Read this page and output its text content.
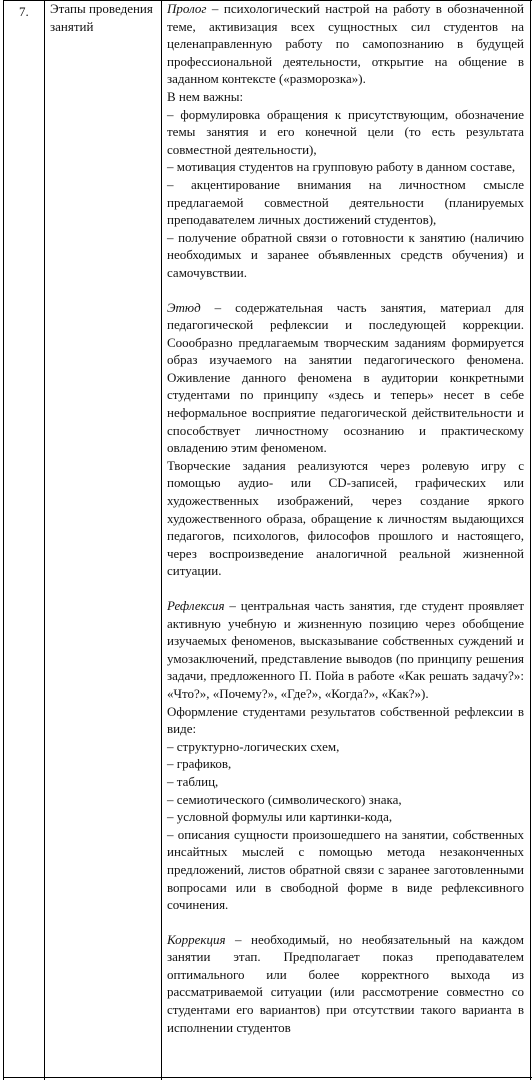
7. Этапы проведения занятий

Пролог – психологический настрой на работу в обозначенной теме, активизация всех сущностных сил студентов на целенаправленную работу по самопознанию в будущей профессиональной деятельности, открытие на общение в заданном контексте («разморозка»).

В нем важны:

– формулировка обращения к присутствующим, обозначение темы занятия и его конечной цели (то есть результата совместной деятельности),

– мотивация студентов на групповую работу в данном составе,

– акцентирование внимания на личностном смысле предлагаемой совместной деятельности (планируемых преподавателем личных достижений студентов),

– получение обратной связи о готовности к занятию (наличию необходимых и заранее объявленных средств обучения) и самочувствии.

Этюд – содержательная часть занятия, материал для педагогической рефлексии и последующей коррекции. Соообразно предлагаемым творческим заданиям формируется образ изучаемого на занятии педагогического феномена. Оживление данного феномена в аудитории конкретными студентами по принципу «здесь и теперь» несет в себе неформальное восприятие педагогической действительности и способствует личностному осознанию и практическому овладению этим феноменом.

Творческие задания реализуются через ролевую игру с помощью аудио- или CD-записей, графических или художественных изображений, через создание яркого художественного образа, обращение к личностям выдающихся педагогов, психологов, философов прошлого и настоящего, через воспроизведение аналогичной реальной жизненной ситуации.

Рефлексия – центральная часть занятия, где студент проявляет активную учебную и жизненную позицию через обобщение изучаемых феноменов, высказывание собственных суждений и умозаключений, представление выводов (по принципу решения задачи, предложенного П. Пойа в работе «Как решать задачу?»: «Что?», «Почему?», «Где?», «Когда?», «Как?»).

Оформление студентами результатов собственной рефлексии в виде:

– структурно-логических схем,

– графиков,

– таблиц,

– семиотического (символического) знака,

– условной формулы или картинки-кода,

– описания сущности произошедшего на занятии, собственных инсайтных мыслей с помощью метода незаконченных предложений, листов обратной связи с заранее заготовленными вопросами или в свободной форме в виде рефлексивного сочинения.

Коррекция – необходимый, но необязательный на каждом занятии этап. Предполагает показ преподавателем оптимального или более корректного выхода из рассматриваемой ситуации (или рассмотрение совместно со студентами его вариантов) при отсутствии такого варианта в исполнении студентов
